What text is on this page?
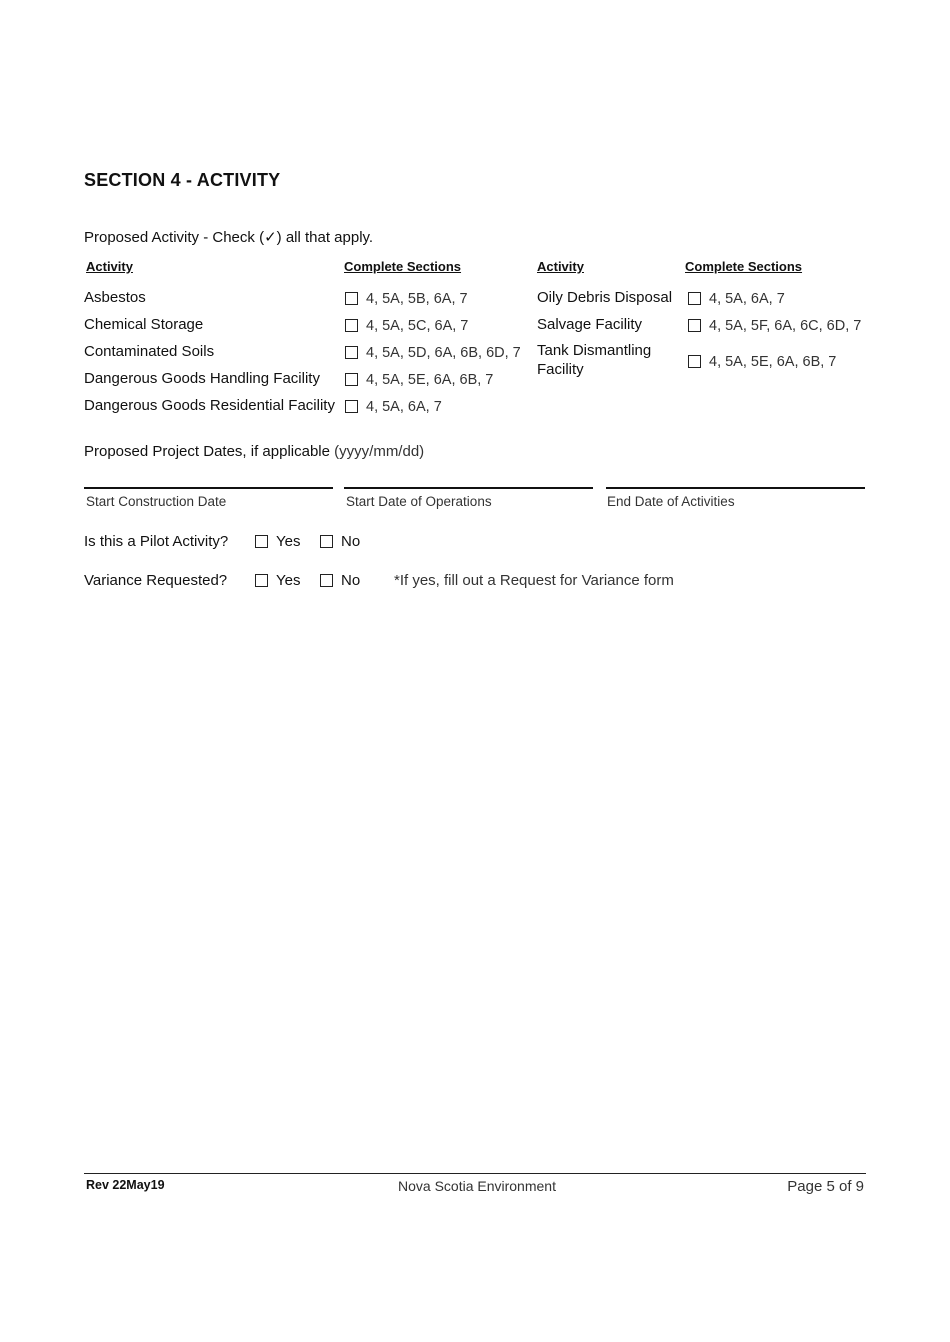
SECTION 4 - ACTIVITY
Proposed Activity - Check (✓) all that apply.
Activity	Complete Sections	Activity	Complete Sections
Asbestos	4, 5A, 5B, 6A, 7
Chemical Storage	4, 5A, 5C, 6A, 7
Contaminated Soils	4, 5A, 5D, 6A, 6B, 6D, 7
Dangerous Goods Handling Facility	4, 5A, 5E, 6A, 6B, 7
Dangerous Goods Residential Facility	4, 5A, 6A, 7
Oily Debris Disposal	4, 5A, 6A, 7
Salvage Facility	4, 5A, 5F, 6A, 6C, 6D, 7
Tank Dismantling
Facility	4, 5A, 5E, 6A, 6B, 7
Proposed Project Dates, if applicable (yyyy/mm/dd)
Start Construction Date	Start Date of Operations	End Date of Activities
Is this a Pilot Activity?	Yes	No
Variance Requested?	Yes	No *If yes, fill out a Request for Variance form
Rev 22May19	Nova Scotia Environment	Page 5 of 9
